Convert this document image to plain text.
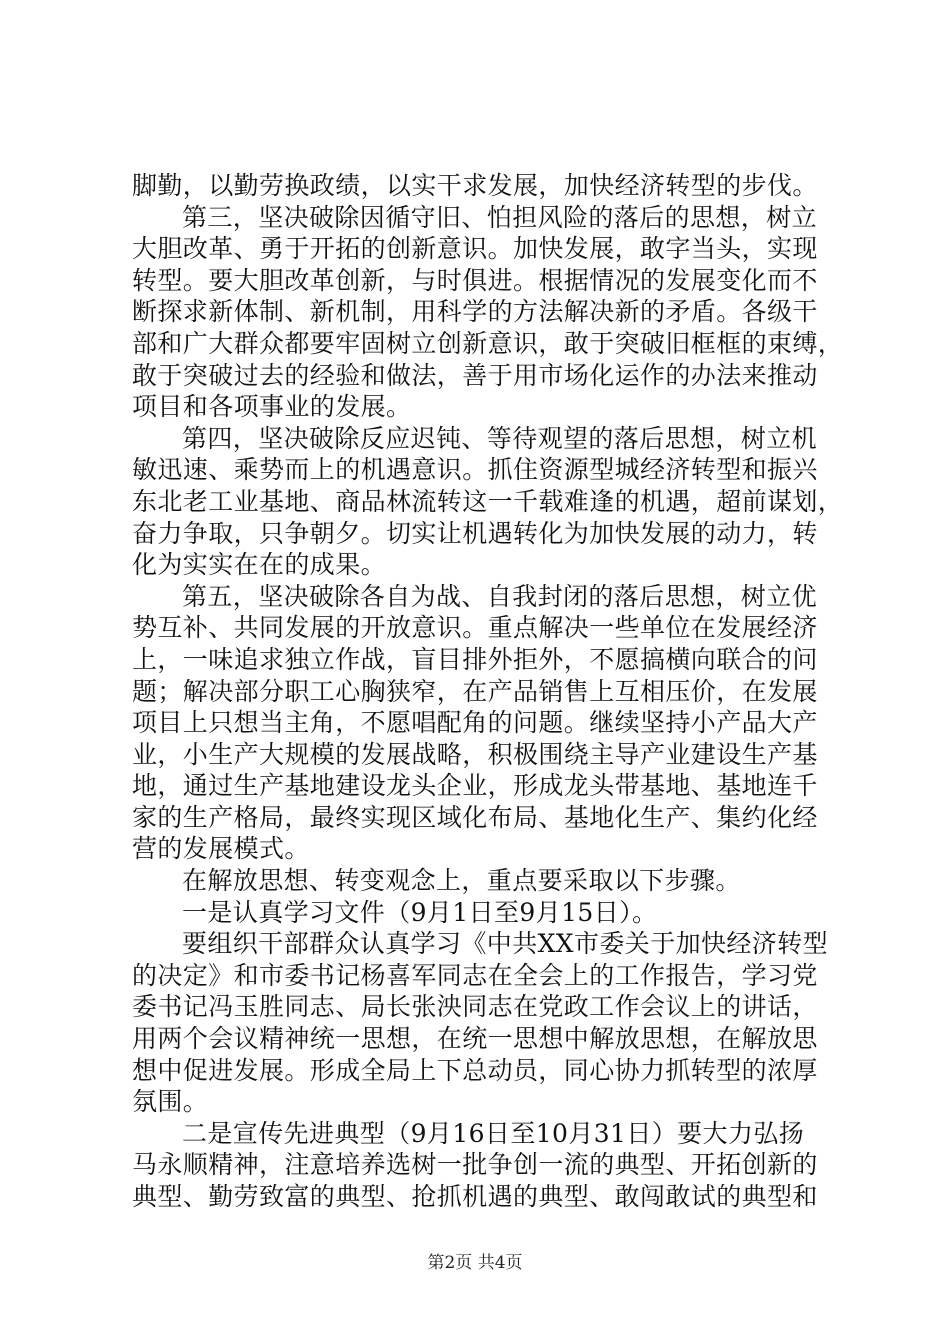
脚勤，以勤劳换政绩，以实干求发展，加快经济转型的步伐。
第三，坚决破除因循守旧、怕担风险的落后的思想，树立
大胆改革、勇于开拓的创新意识。加快发展，敢字当头，实现
转型。要大胆改革创新，与时俱进。根据情况的发展变化而不
断探求新体制、新机制，用科学的方法解决新的矛盾。各级干
部和广大群众都要牢固树立创新意识，敢于突破旧框框的束缚，
敢于突破过去的经验和做法，善于用市场化运作的办法来推动
项目和各项事业的发展。
第四，坚决破除反应迟钝、等待观望的落后思想，树立机
敏迅速、乘势而上的机遇意识。抓住资源型城经济转型和振兴
东北老工业基地、商品林流转这一千载难逢的机遇，超前谋划，
奋力争取，只争朝夕。切实让机遇转化为加快发展的动力，转
化为实实在在的成果。
第五，坚决破除各自为战、自我封闭的落后思想，树立优
势互补、共同发展的开放意识。重点解决一些单位在发展经济
上，一味追求独立作战，盲目排外拒外，不愿搞横向联合的问
题；解决部分职工心胸狭窄，在产品销售上互相压价，在发展
项目上只想当主角，不愿唱配角的问题。继续坚持小产品大产
业，小生产大规模的发展战略，积极围绕主导产业建设生产基
地，通过生产基地建设龙头企业，形成龙头带基地、基地连千
家的生产格局，最终实现区域化布局、基地化生产、集约化经
营的发展模式。
在解放思想、转变观念上，重点要采取以下步骤。
一是认真学习文件（9月1日至9月15日）。
要组织干部群众认真学习《中共XX市委关于加快经济转型
的决定》和市委书记杨喜军同志在全会上的工作报告，学习党
委书记冯玉胜同志、局长张泱同志在党政工作会议上的讲话，
用两个会议精神统一思想，在统一思想中解放思想，在解放思
想中促进发展。形成全局上下总动员，同心协力抓转型的浓厚
氛围。
二是宣传先进典型（9月16日至10月31日）要大力弘扬
马永顺精神，注意培养选树一批争创一流的典型、开拓创新的
典型、勤劳致富的典型、抢抓机遇的典型、敢闯敢试的典型和
第2页 共4页
